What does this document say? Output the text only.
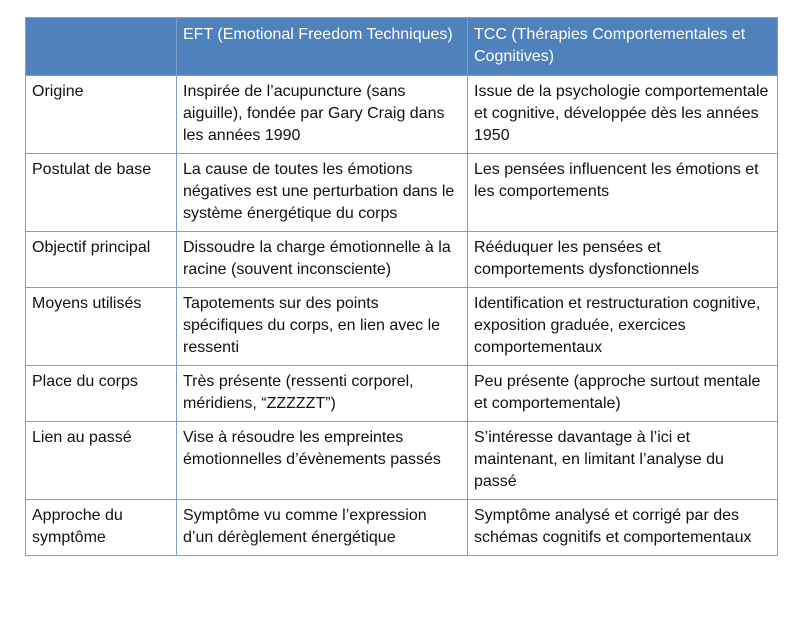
	EFT (Emotional Freedom Techniques)	TCC (Thérapies Comportementales et Cognitives)
Origine	Inspirée de l’acupuncture (sans aiguille), fondée par Gary Craig dans les années 1990	Issue de la psychologie comportementale et cognitive, développée dès les années 1950
Postulat de base	La cause de toutes les émotions négatives est une perturbation dans le système énergétique du corps	Les pensées influencent les émotions et les comportements
Objectif principal	Dissoudre la charge émotionnelle à la racine (souvent inconsciente)	Rééduquer les pensées et comportements dysfonctionnels
Moyens utilisés	Tapotements sur des points spécifiques du corps, en lien avec le ressenti	Identification et restructuration cognitive, exposition graduée, exercices comportementaux
Place du corps	Très présente (ressenti corporel, méridiens, “ZZZZZT”)	Peu présente (approche surtout mentale et comportementale)
Lien au passé	Vise à résoudre les empreintes émotionnelles d’évènements passés	S’intéresse davantage à l’ici et maintenant, en limitant l’analyse du passé
Approche du symptôme	Symptôme vu comme l’expression d’un dérèglement énergétique	Symptôme analysé et corrigé par des schémas cognitifs et comportementaux
